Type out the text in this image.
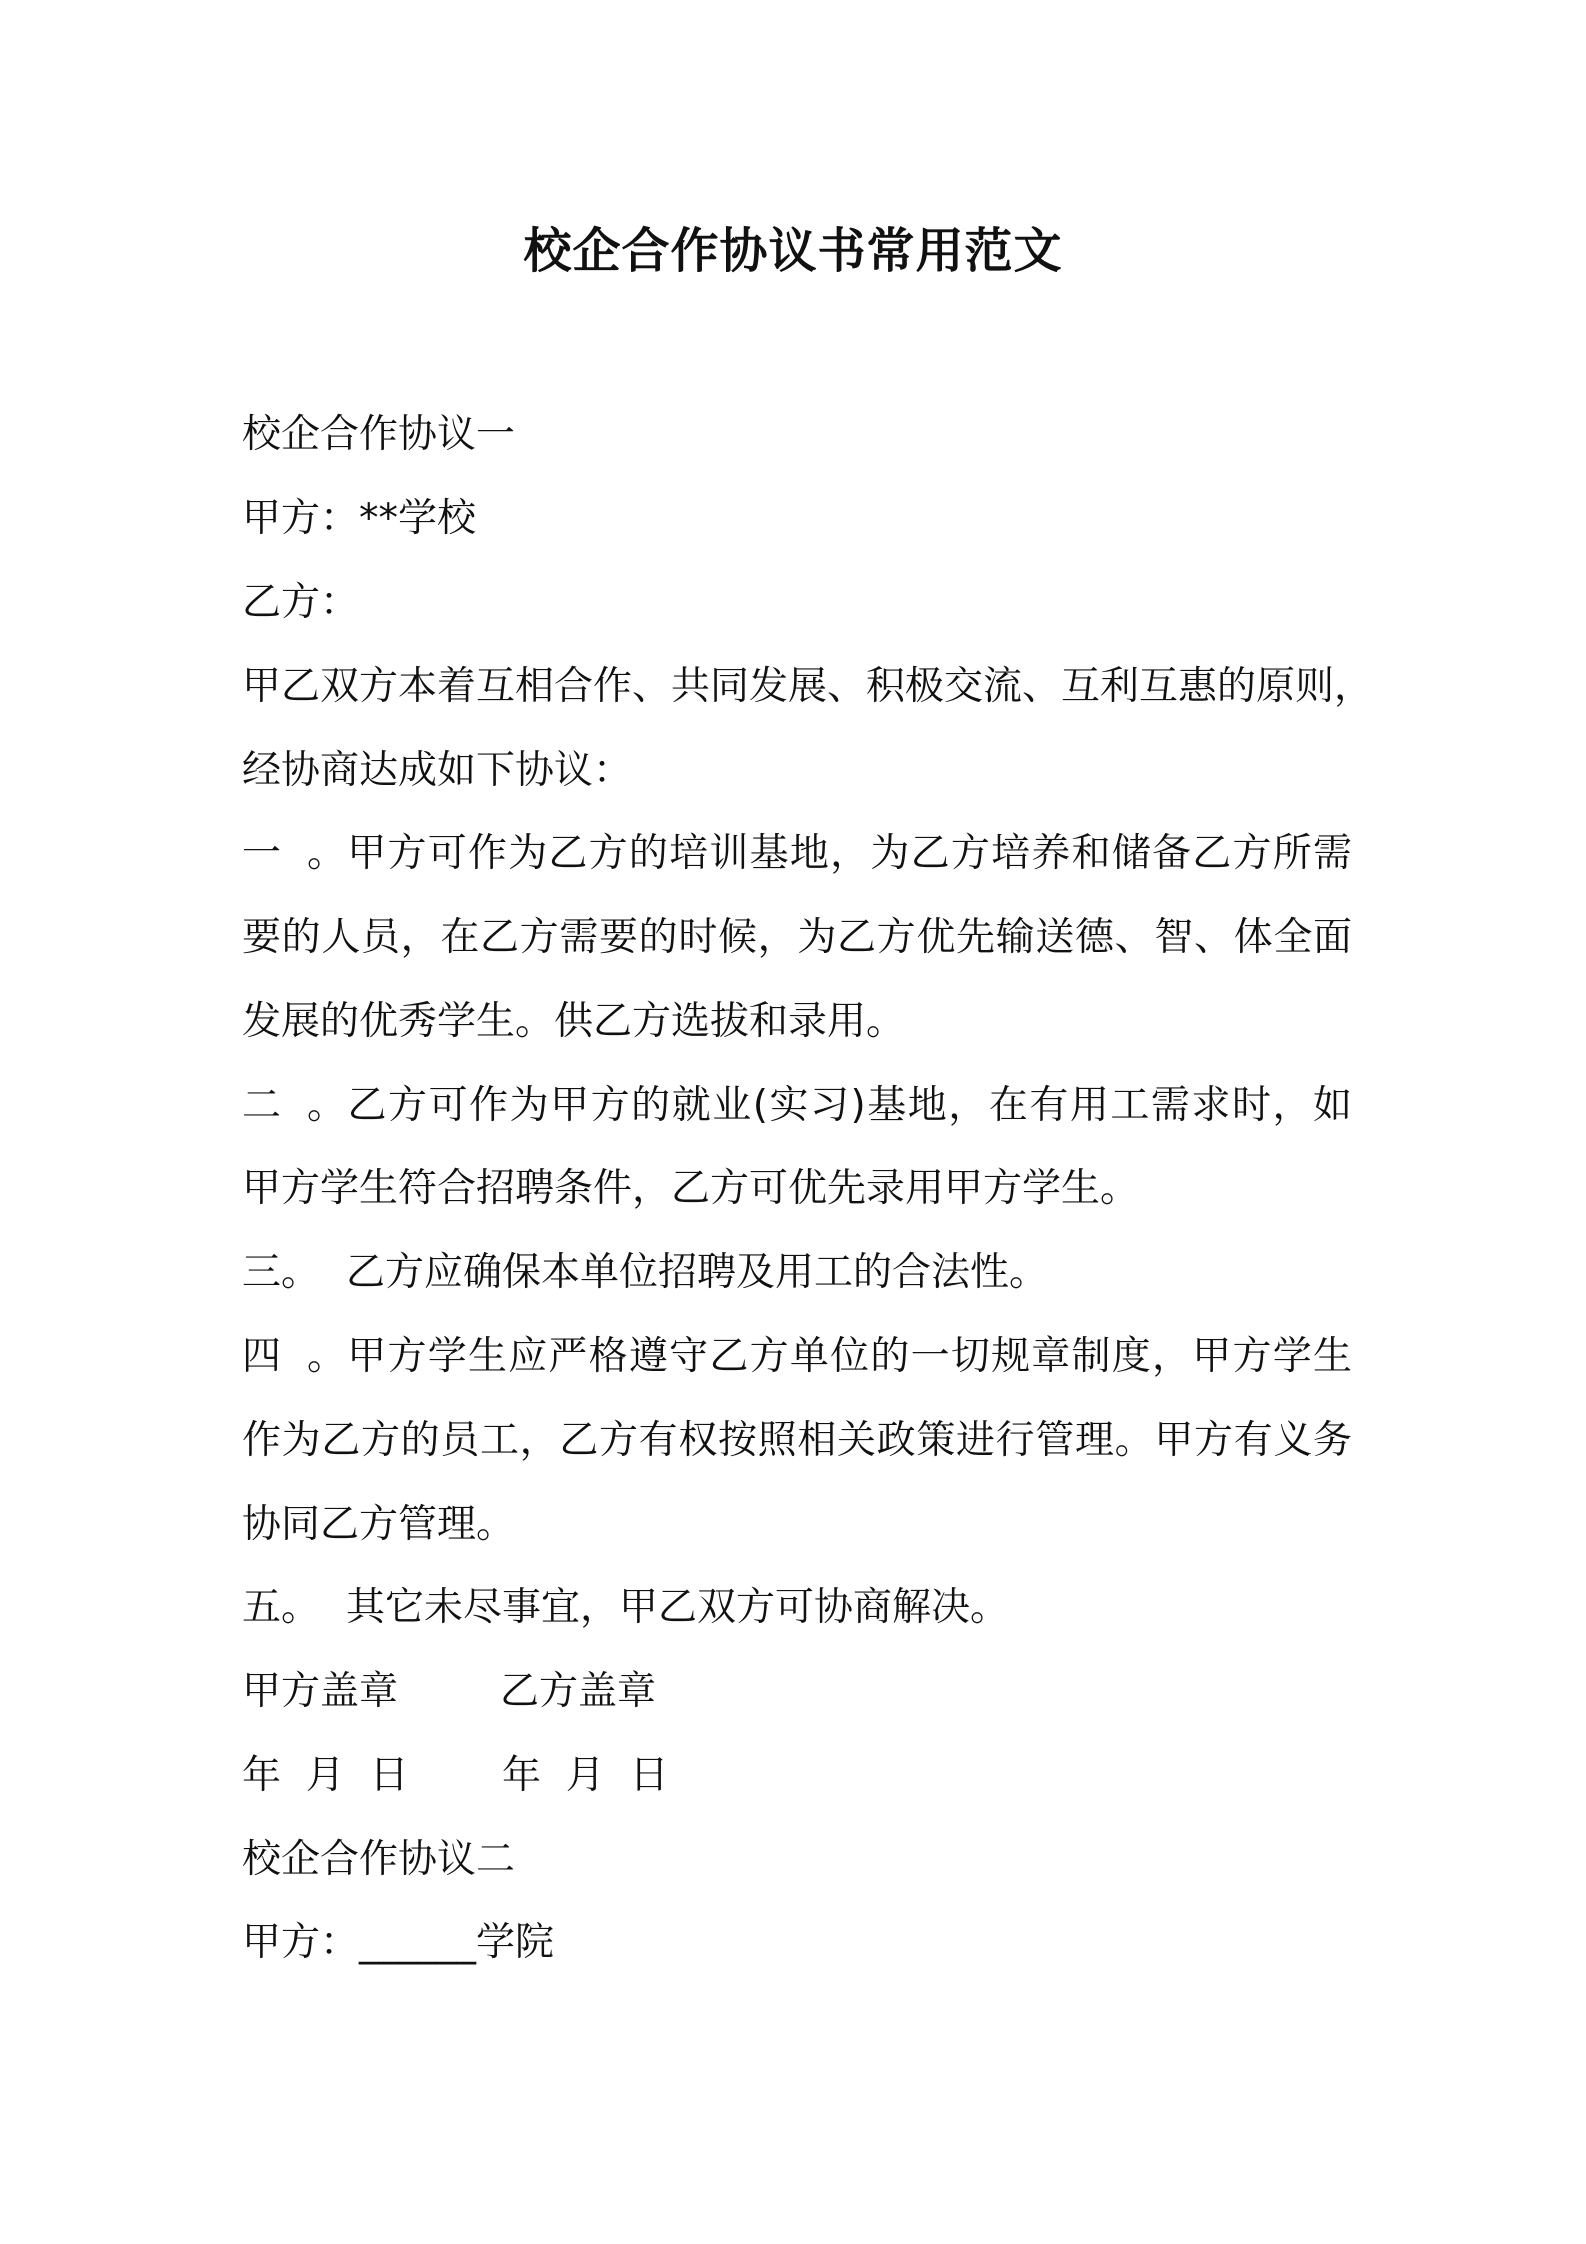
校企合作协议书常用范文
校企合作协议一
甲方：**学校
乙方：
甲乙双方本着互相合作、共同发展、积极交流、互利互惠的原则，
经协商达成如下协议：
一。甲方可作为乙方的培训基地，为乙方培养和储备乙方所需
要的人员，在乙方需要的时候，为乙方优先输送德、智、体全面
发展的优秀学生。供乙方选拔和录用。
二。乙方可作为甲方的就业(实习)基地，在有用工需求时，如
甲方学生符合招聘条件，乙方可优先录用甲方学生。
三。 乙方应确保本单位招聘及用工的合法性。
四。甲方学生应严格遵守乙方单位的一切规章制度，甲方学生
作为乙方的员工，乙方有权按照相关政策进行管理。甲方有义务
协同乙方管理。
五。 其它未尽事宜，甲乙双方可协商解决。
甲方盖章	乙方盖章
年  月  日 年  月  日
校企合作协议二
甲方：______学院
